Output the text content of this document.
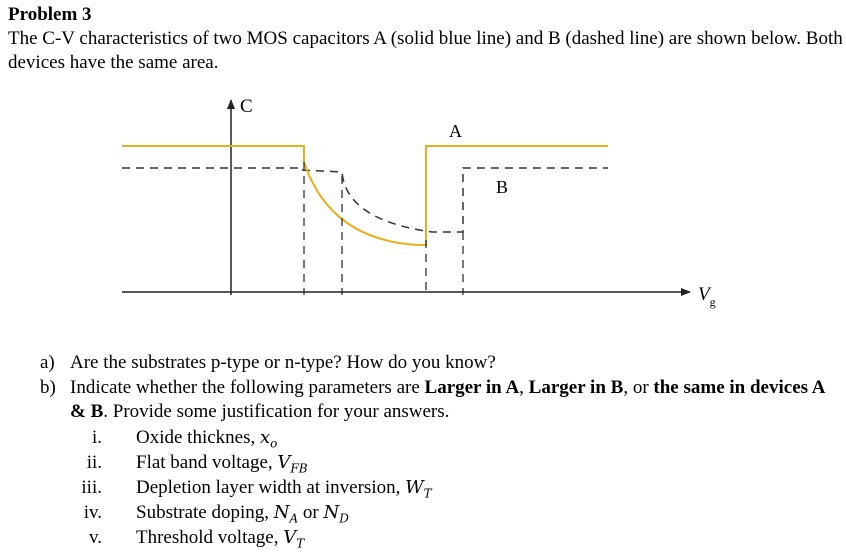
Problem 3
The C-V characteristics of two MOS capacitors A (solid blue line) and B (dashed line) are shown below. Both devices have the same area.
C
$V_g$
A
B
a) Are the substrates p-type or n-type? How do you know?
b) Indicate whether the following parameters are Larger in A, Larger in B, or the same in devices A & B. Provide some justification for your answers.
i. Oxide thicknes, $x_o$
ii. Flat band voltage, $V_{FB}$
iii. Depletion layer width at inversion, $W_T$
iv. Substrate doping, $N_A$ or $N_D$
v. Threshold voltage, $V_T$
